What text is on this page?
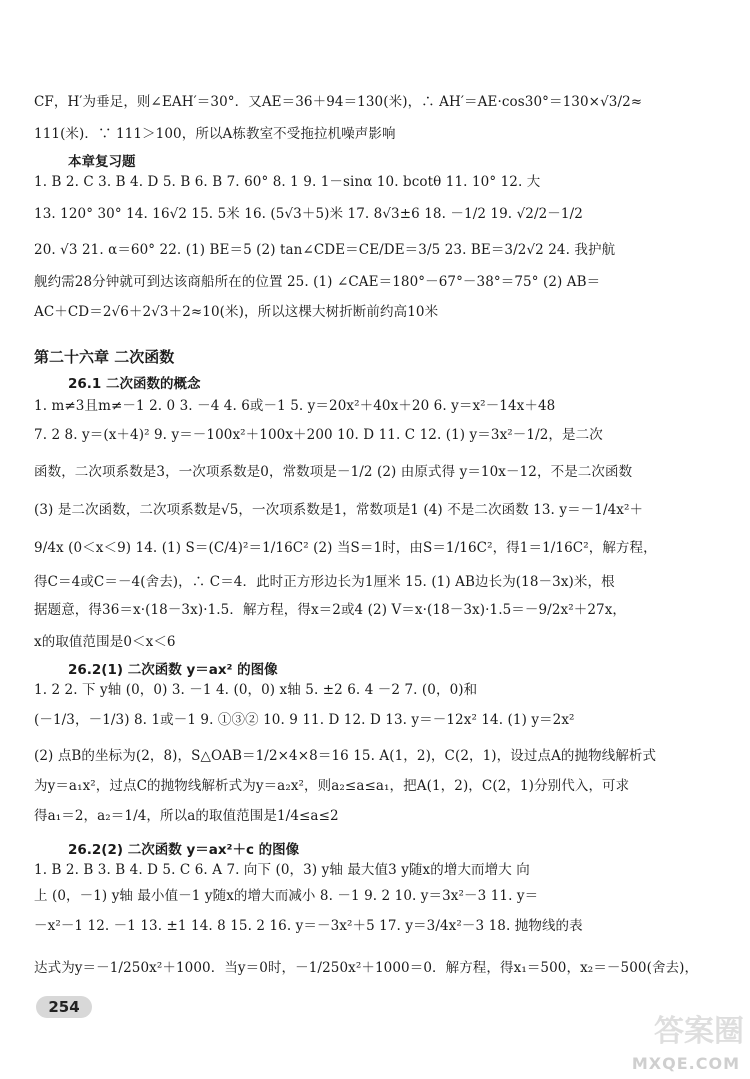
CF，H′为垂足，则∠EAH′＝30°．又AE＝36＋94＝130(米)，∴ AH′＝AE·cos30°＝130×√3/2≈
111(米)．∵ 111＞100，所以A栋教室不受拖拉机噪声影响
本章复习题
1. B 2. C 3. B 4. D 5. B 6. B 7. 60° 8. 1 9. 1－sinα 10. bcotθ 11. 10° 12. 大
13. 120° 30° 14. 16√2 15. 5米 16. (5√3＋5)米 17. 8√3±6 18. －1/2 19. √2/2－1/2
20. √3 21. α＝60° 22. (1) BE＝5 (2) tan∠CDE＝CE/DE＝3/5 23. BE＝3/2√2 24. 我护航
舰约需28分钟就可到达该商船所在的位置 25. (1) ∠CAE＝180°－67°－38°＝75° (2) AB＝
AC＋CD＝2√6＋2√3＋2≈10(米)，所以这棵大树折断前约高10米
第二十六章 二次函数
26.1 二次函数的概念
1. m≠3且m≠－1 2. 0 3. －4 4. 6或－1 5. y＝20x²＋40x＋20 6. y＝x²－14x＋48
7. 2 8. y＝(x＋4)² 9. y＝－100x²＋100x＋200 10. D 11. C 12. (1) y＝3x²－1/2，是二次
函数，二次项系数是3，一次项系数是0，常数项是－1/2 (2) 由原式得 y＝10x－12，不是二次函数
(3) 是二次函数，二次项系数是√5，一次项系数是1，常数项是1 (4) 不是二次函数 13. y＝－1/4x²＋
9/4x (0＜x＜9) 14. (1) S＝(C/4)²＝1/16C² (2) 当S＝1时，由S＝1/16C²，得1＝1/16C²，解方程，
得C＝4或C＝－4(舍去)，∴ C＝4．此时正方形边长为1厘米 15. (1) AB边长为(18－3x)米，根
据题意，得36＝x·(18－3x)·1.5．解方程，得x＝2或4 (2) V＝x·(18－3x)·1.5＝－9/2x²＋27x，
x的取值范围是0＜x＜6
26.2(1) 二次函数 y＝ax² 的图像
1. 2 2. 下 y轴 (0，0) 3. －1 4. (0，0) x轴 5. ±2 6. 4 －2 7. (0，0)和
(－1/3，－1/3) 8. 1或－1 9. ①③② 10. 9 11. D 12. D 13. y＝－12x² 14. (1) y＝2x²
(2) 点B的坐标为(2，8)，S△OAB＝1/2×4×8＝16 15. A(1，2)，C(2，1)，设过点A的抛物线解析式
为y＝a₁x²，过点C的抛物线解析式为y＝a₂x²，则a₂≤a≤a₁，把A(1，2)，C(2，1)分别代入，可求
得a₁＝2，a₂＝1/4，所以a的取值范围是1/4≤a≤2
26.2(2) 二次函数 y＝ax²＋c 的图像
1. B 2. B 3. B 4. D 5. C 6. A 7. 向下 (0，3) y轴 最大值3 y随x的增大而增大 向
上 (0，－1) y轴 最小值－1 y随x的增大而减小 8. －1 9. 2 10. y＝3x²－3 11. y＝
－x²－1 12. －1 13. ±1 14. 8 15. 2 16. y＝－3x²＋5 17. y＝3/4x²－3 18. 抛物线的表
达式为y＝－1/250x²＋1000．当y＝0时，－1/250x²＋1000＝0．解方程，得x₁＝500，x₂＝－500(舍去)，
254
答案圈
MXQE.COM
